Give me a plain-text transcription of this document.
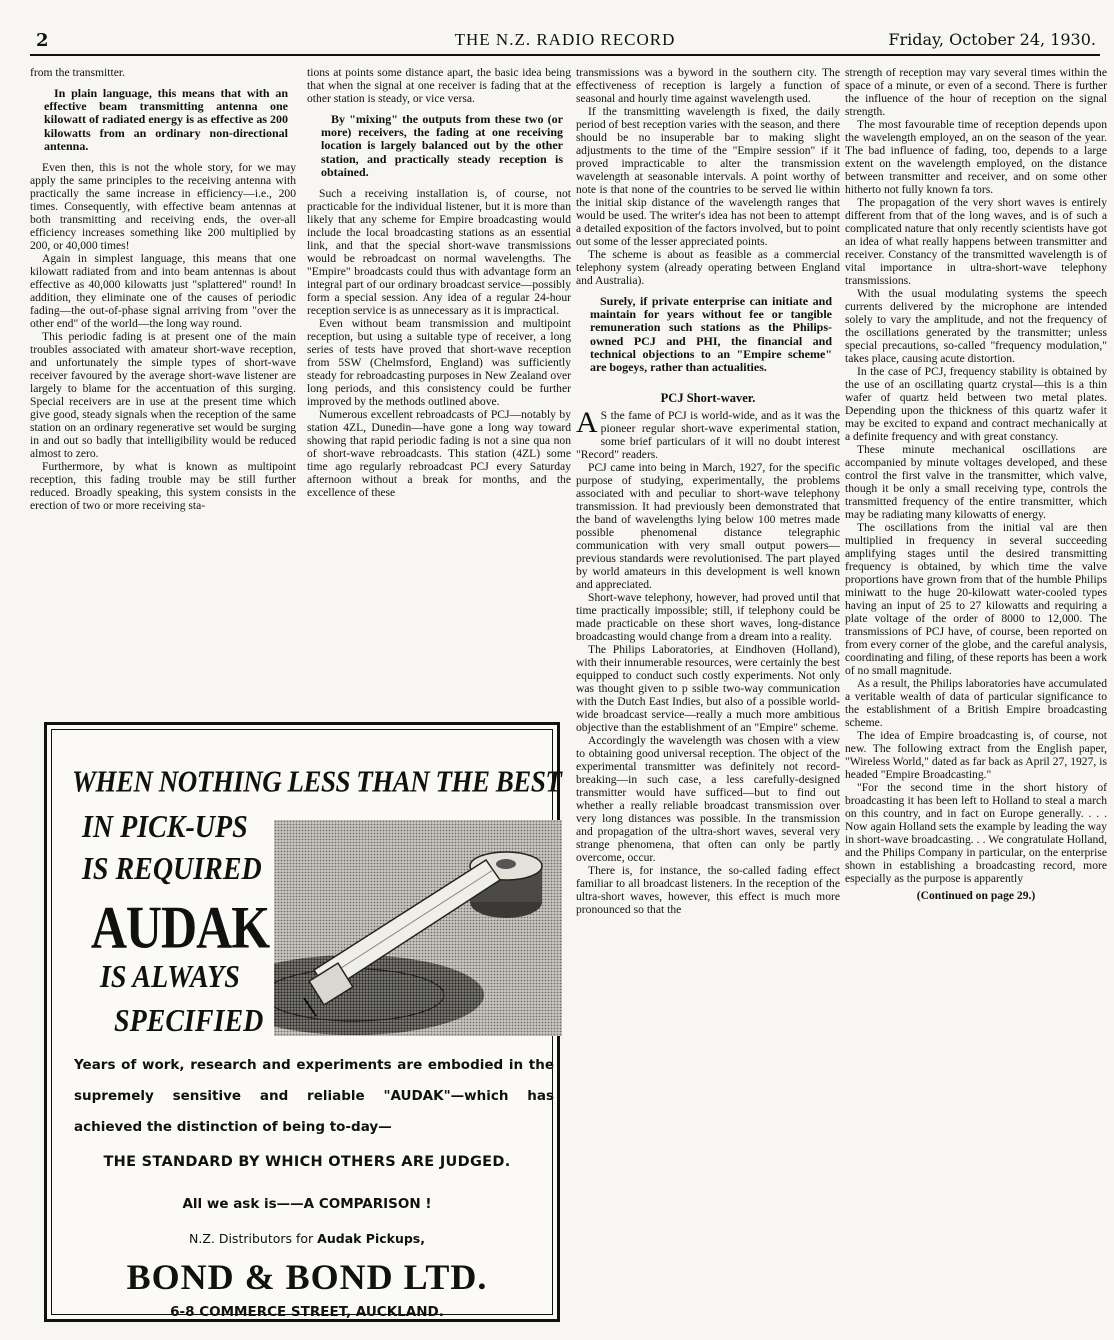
2	THE N.Z. RADIO RECORD	Friday, October 24, 1930.

from the transmitter.

In plain language, this means that with an effective beam transmitting antenna one kilowatt of radiated energy is as effective as 200 kilowatts from an ordinary non-directional antenna.

Even then, this is not the whole story, for we may apply the same principles to the receiving antenna with practically the same increase in efficiency—i.e., 200 times. Consequently, with effective beam antennas at both transmitting and receiving ends, the over-all efficiency increases something like 200 multiplied by 200, or 40,000 times!

Again in simplest language, this means that one kilowatt radiated from and into beam antennas is about effective as 40,000 kilowatts just "splattered" round! In addition, they eliminate one of the causes of periodic fading—the out-of-phase signal arriving from "over the other end" of the world—the long way round.

This periodic fading is at present one of the main troubles associated with amateur short-wave reception, and unfortunately the simple types of short-wave receiver favoured by the average short-wave listener are largely to blame for the accentuation of this surging. Special receivers are in use at the present time which give good, steady signals when the reception of the same station on an ordinary regenerative set would be surging in and out so badly that intelligibility would be reduced almost to zero.

Furthermore, by what is known as multipoint reception, this fading trouble may be still further reduced. Broadly speaking, this system consists in the erection of two or more receiving sta-

tions at points some distance apart, the basic idea being that when the signal at one receiver is fading that at the other station is steady, or vice versa.

By "mixing" the outputs from these two (or more) receivers, the fading at one receiving location is largely balanced out by the other station, and practically steady reception is obtained.

Such a receiving installation is, of course, not practicable for the individual listener, but it is more than likely that any scheme for Empire broadcasting would include the local broadcasting stations as an essential link, and that the special short-wave transmissions would be rebroadcast on normal wavelengths. The "Empire" broadcasts could thus with advantage form an integral part of our ordinary broadcast service—possibly form a special session. Any idea of a regular 24-hour reception service is as unnecessary as it is impractical.

Even without beam transmission and multipoint reception, but using a suitable type of receiver, a long series of tests have proved that short-wave reception from 5SW (Chelmsford, England) was sufficiently steady for rebroadcasting purposes in New Zealand over long periods, and this consistency could be further improved by the methods outlined above.

Numerous excellent rebroadcasts of PCJ—notably by station 4ZL, Dunedin—have gone a long way toward showing that rapid periodic fading is not a sine qua non of short-wave rebroadcasts. This station (4ZL) some time ago regularly rebroadcast PCJ every Saturday afternoon without a break for months, and the excellence of these

transmissions was a byword in the southern city. The effectiveness of reception is largely a function of seasonal and hourly time against wavelength used.

If the transmitting wavelength is fixed, the daily period of best reception varies with the season, and there should be no insuperable bar to making slight adjustments to the time of the "Empire session" if it proved impracticable to alter the transmission wavelength at seasonable intervals. A point worthy of note is that none of the countries to be served lie within the initial skip distance of the wavelength ranges that would be used. The writer's idea has not been to attempt a detailed exposition of the factors involved, but to point out some of the lesser appreciated points.

The scheme is about as feasible as a commercial telephony system (already operating between England and Australia).

Surely, if private enterprise can initiate and maintain for years without fee or tangible remuneration such stations as the Philips-owned PCJ and PHI, the financial and technical objections to an "Empire scheme" are bogeys, rather than actualities.

PCJ Short-waver.

A S the fame of PCJ is world-wide, and as it was the pioneer regular short-wave experimental station, some brief particulars of it will no doubt interest "Record" readers.

PCJ came into being in March, 1927, for the specific purpose of studying, experimentally, the problems associated with and peculiar to short-wave telephony transmission. It had previously been demonstrated that the band of wavelengths lying below 100 metres made possible phenomenal distance telegraphic communication with very small output powers—previous standards were revolutionised. The part played by world amateurs in this development is well known and appreciated.

Short-wave telephony, however, had proved until that time practically impossible; still, if telephony could be made practicable on these short waves, long-distance broadcasting would change from a dream into a reality.

The Philips Laboratories, at Eindhoven (Holland), with their innumerable resources, were certainly the best equipped to conduct such costly experiments. Not only was thought given to p ssible two-way communication with the Dutch East Indies, but also of a possible world-wide broadcast service—really a much more ambitious objective than the establishment of an "Empire" scheme.

Accordingly the wavelength was chosen with a view to obtaining good universal reception. The object of the experimental transmitter was definitely not record-breaking—in such case, a less carefully-designed transmitter would have sufficed—but to find out whether a really reliable broadcast transmission over very long distances was possible. In the transmission and propagation of the ultra-short waves, several very strange phenomena, that often can only be partly overcome, occur.

There is, for instance, the so-called fading effect familiar to all broadcast listeners. In the reception of the ultra-short waves, however, this effect is much more pronounced so that the

strength of reception may vary several times within the space of a minute, or even of a second. There is further the influence of the hour of reception on the signal strength.

The most favourable time of reception depends upon the wavelength employed, an on the season of the year. The bad influence of fading, too, depends to a large extent on the wavelength employed, on the distance between transmitter and receiver, and on some other hitherto not fully known fa tors.

The propagation of the very short waves is entirely different from that of the long waves, and is of such a complicated nature that only recently scientists have got an idea of what really happens between transmitter and receiver. Constancy of the transmitted wavelength is of vital importance in ultra-short-wave telephony transmissions.

With the usual modulating systems the speech currents delivered by the microphone are intended solely to vary the amplitude, and not the frequency of the oscillations generated by the transmitter; unless special precautions, so-called "frequency modulation," takes place, causing acute distortion.

In the case of PCJ, frequency stability is obtained by the use of an oscillating quartz crystal—this is a thin wafer of quartz held between two metal plates. Depending upon the thickness of this quartz wafer it may be excited to expand and contract mechanically at a definite frequency and with great constancy.

These minute mechanical oscillations are accompanied by minute voltages developed, and these control the first valve in the transmitter, which valve, though it be only a small receiving type, controls the transmitted frequency of the entire transmitter, which may be radiating many kilowatts of energy.

The oscillations from the initial val are then multiplied in frequency in several succeeding amplifying stages until the desired transmitting frequency is obtained, by which time the valve proportions have grown from that of the humble Philips miniwatt to the huge 20-kilowatt water-cooled types having an input of 25 to 27 kilowatts and requiring a plate voltage of the order of 8000 to 12,000. The transmissions of PCJ have, of course, been reported on from every corner of the globe, and the careful analysis, coordinating and filing, of these reports has been a work of no small magnitude.

As a result, the Philips laboratories have accumulated a veritable wealth of data of particular significance to the establishment of a British Empire broadcasting scheme.

The idea of Empire broadcasting is, of course, not new. The following extract from the English paper, "Wireless World," dated as far back as April 27, 1927, is headed "Empire Broadcasting."

"For the second time in the short history of broadcasting it has been left to Holland to steal a march on this country, and in fact on Europe generally. . . . Now again Holland sets the example by leading the way in short-wave broadcasting. . . We congratulate Holland, and the Philips Company in particular, on the enterprise shown in establishing a broadcasting record, more especially as the purpose is apparently

(Continued on page 29.)

WHEN NOTHING LESS THAN THE BEST
IN PICK-UPS
IS REQUIRED
AUDAK
IS ALWAYS
SPECIFIED
Years of work, research and experiments are embodied in the supremely sensitive and reliable "AUDAK"—which has achieved the distinction of being to-day—
THE STANDARD BY WHICH OTHERS ARE JUDGED.
All we ask is——A COMPARISON !
N.Z. Distributors for Audak Pickups,
BOND & BOND LTD.
6-8 COMMERCE STREET, AUCKLAND.
